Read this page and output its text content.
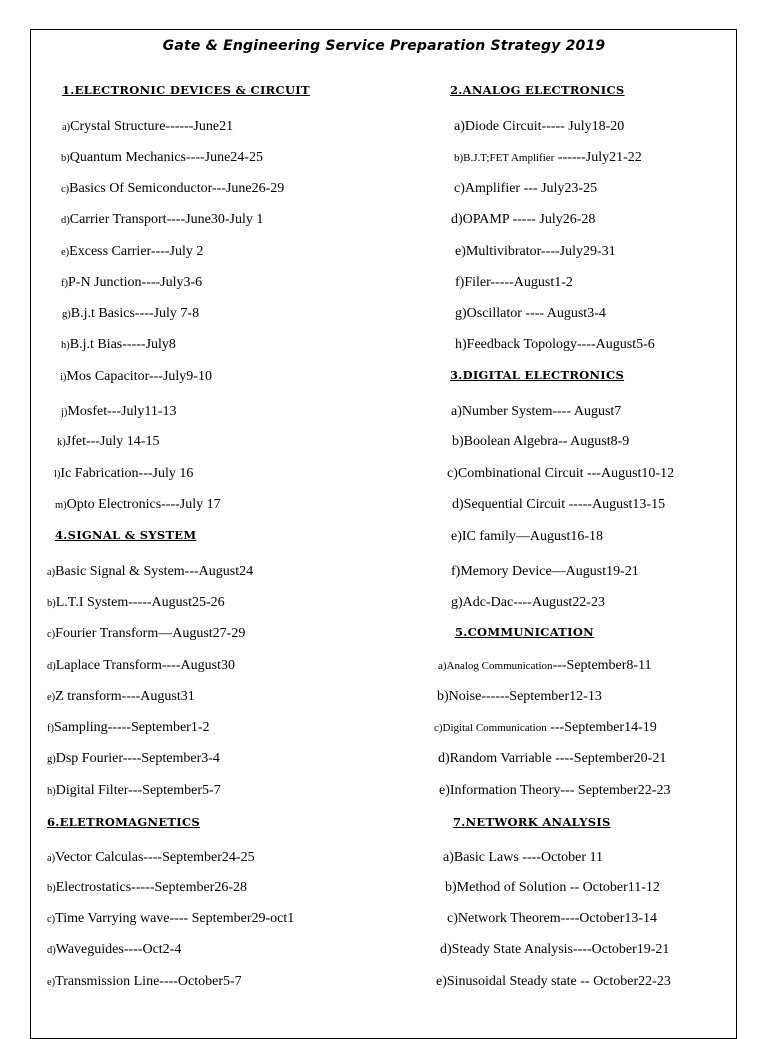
Gate & Engineering Service Preparation Strategy 2019
1.ELECTRONIC DEVICES & CIRCUIT
a)Crystal Structure------June21
b)Quantum Mechanics----June24-25
c)Basics Of Semiconductor---June26-29
d)Carrier Transport----June30-July 1
e)Excess Carrier----July 2
f)P-N Junction----July3-6
g)B.j.t Basics----July 7-8
h)B.j.t Bias-----July8
i)Mos Capacitor---July9-10
j)Mosfet---July11-13
k)Jfet---July 14-15
l)Ic Fabrication---July 16
m)Opto Electronics----July 17
2.ANALOG ELECTRONICS
a)Diode Circuit----- July18-20
b)B.J.T;FET Amplifier ------July21-22
c)Amplifier --- July23-25
d)OPAMP ----- July26-28
e)Multivibrator----July29-31
f)Filer-----August1-2
g)Oscillator ---- August3-4
h)Feedback Topology----August5-6
3.DIGITAL ELECTRONICS
a)Number System---- August7
b)Boolean Algebra-- August8-9
c)Combinational Circuit ---August10-12
d)Sequential Circuit -----August13-15
e)IC family—August16-18
f)Memory Device—August19-21
g)Adc-Dac----August22-23
4.SIGNAL & SYSTEM
a)Basic Signal & System---August24
b)L.T.I System-----August25-26
c)Fourier Transform—August27-29
d)Laplace Transform----August30
e)Z transform----August31
f)Sampling-----September1-2
g)Dsp Fourier----September3-4
h)Digital Filter---September5-7
5.COMMUNICATION
a)Analog Communication---September8-11
b)Noise------September12-13
c)Digital Communication ---September14-19
d)Random Varriable ----September20-21
e)Information Theory--- September22-23
6.ELETROMAGNETICS
a)Vector Calculas----September24-25
b)Electrostatics-----September26-28
c)Time Varrying wave---- September29-oct1
d)Waveguides----Oct2-4
e)Transmission Line----October5-7
7.NETWORK ANALYSIS
a)Basic Laws ----October 11
b)Method of Solution -- October11-12
c)Network Theorem----October13-14
d)Steady State Analysis----October19-21
e)Sinusoidal Steady state -- October22-23
